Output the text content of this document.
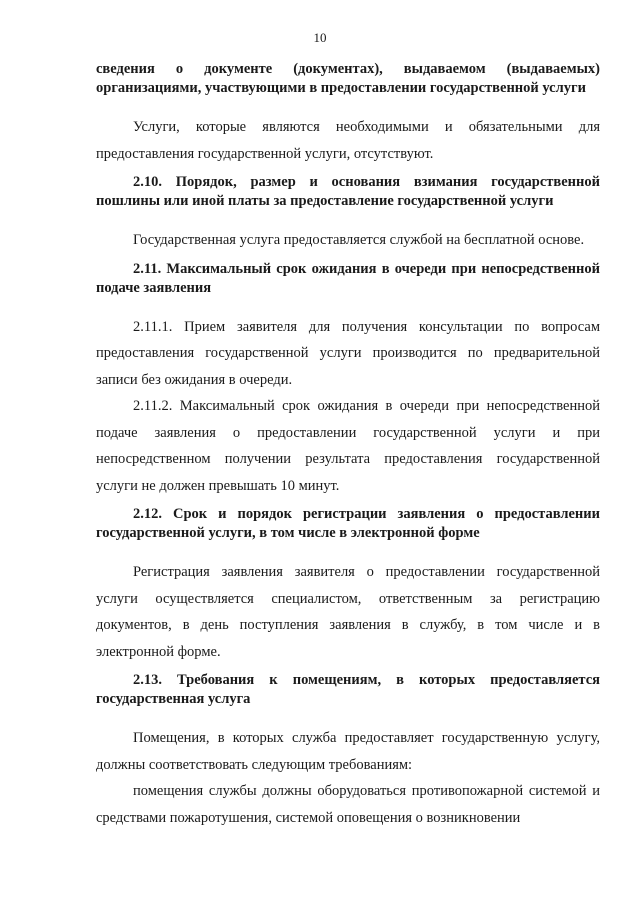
10

сведения о документе (документах), выдаваемом (выдаваемых) организациями, участвующими в предоставлении государственной услуги

Услуги, которые являются необходимыми и обязательными для предоставления государственной услуги, отсутствуют.

2.10. Порядок, размер и основания взимания государственной пошлины или иной платы за предоставление государственной услуги

Государственная услуга предоставляется службой на бесплатной основе.

2.11. Максимальный срок ожидания в очереди при непосредственной подаче заявления

2.11.1. Прием заявителя для получения консультации по вопросам предоставления государственной услуги производится по предварительной записи без ожидания в очереди.

2.11.2. Максимальный срок ожидания в очереди при непосредственной подаче заявления о предоставлении государственной услуги и при непосредственном получении результата предоставления государственной услуги не должен превышать 10 минут.

2.12. Срок и порядок регистрации заявления о предоставлении государственной услуги, в том числе в электронной форме

Регистрация заявления заявителя о предоставлении государственной услуги осуществляется специалистом, ответственным за регистрацию документов, в день поступления заявления в службу, в том числе и в электронной форме.

2.13. Требования к помещениям, в которых предоставляется государственная услуга

Помещения, в которых служба предоставляет государственную услугу, должны соответствовать следующим требованиям:

помещения службы должны оборудоваться противопожарной системой и средствами пожаротушения, системой оповещения о возникновении
